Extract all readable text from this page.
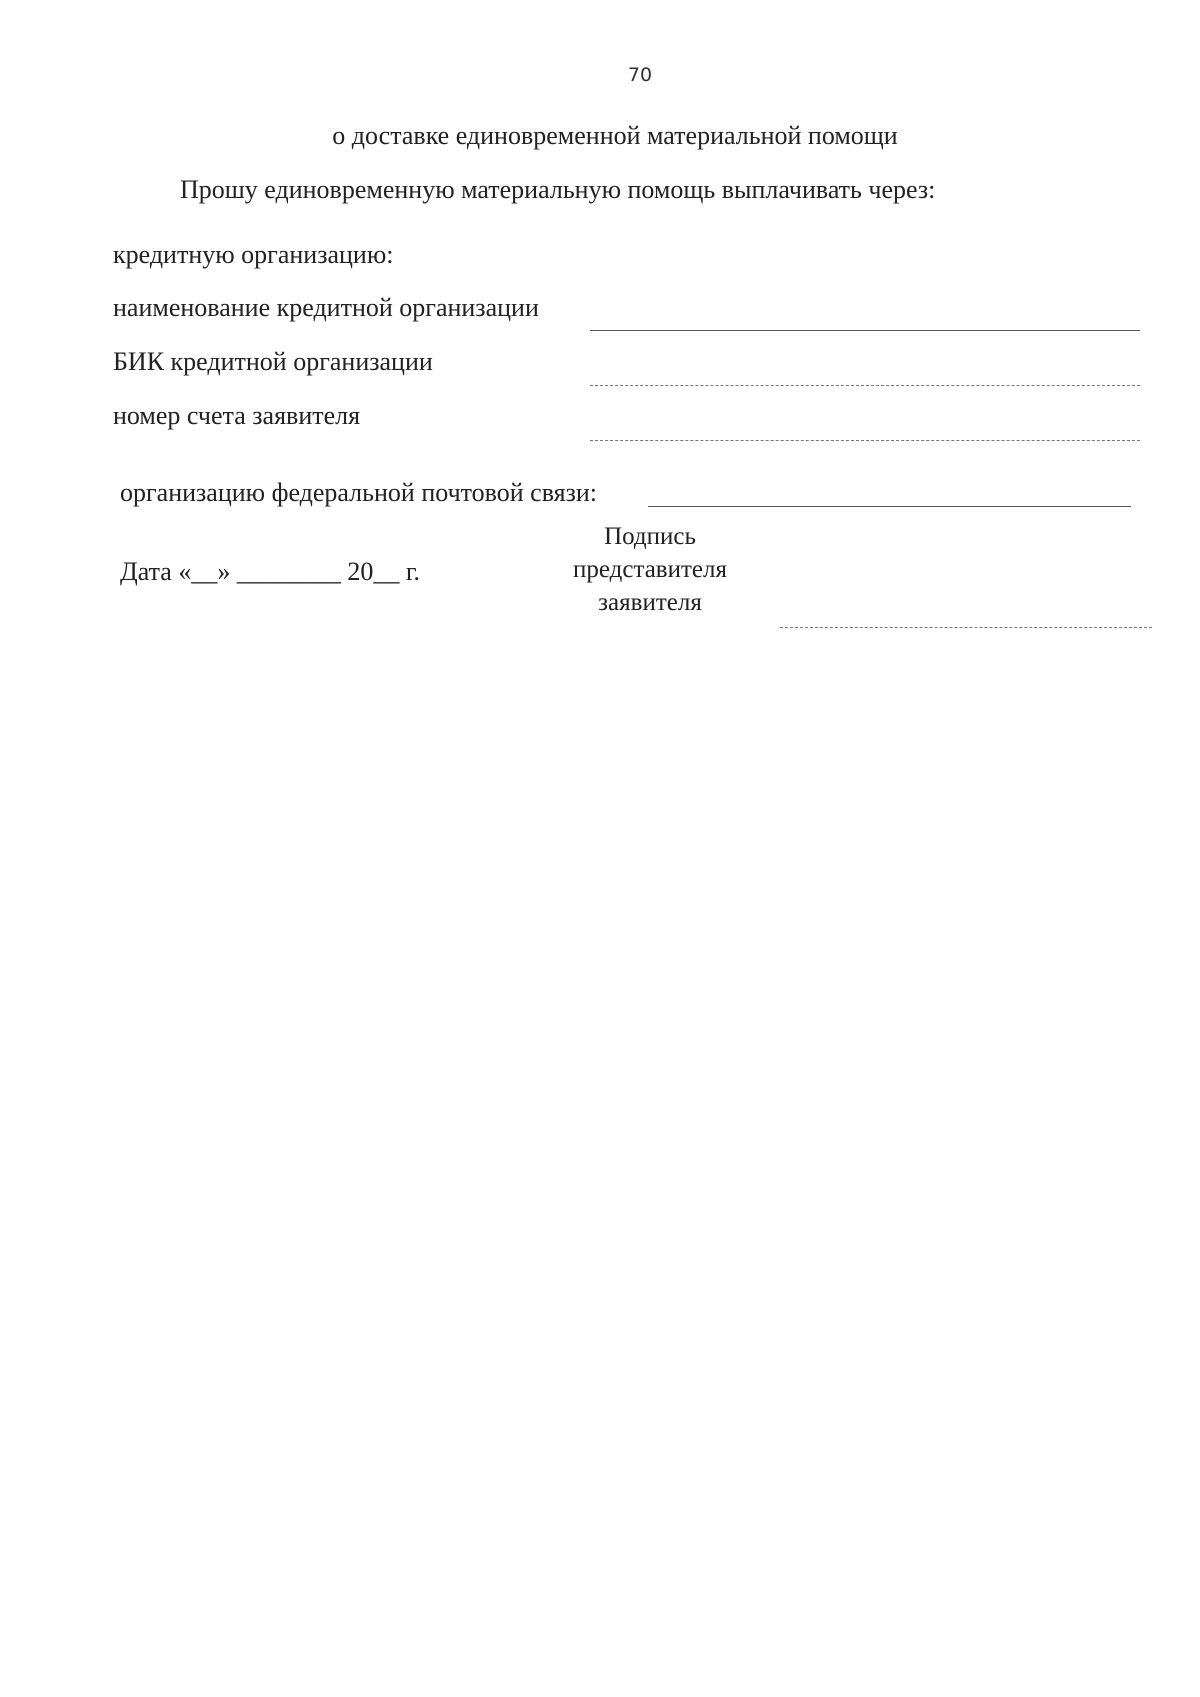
70
о доставке единовременной материальной помощи
Прошу единовременную материальную помощь выплачивать через:
кредитную организацию:
наименование кредитной организации
БИК кредитной организации
номер счета заявителя
организацию федеральной почтовой связи:
Дата «__» ________ 20__ г.
Подпись
представителя
заявителя
